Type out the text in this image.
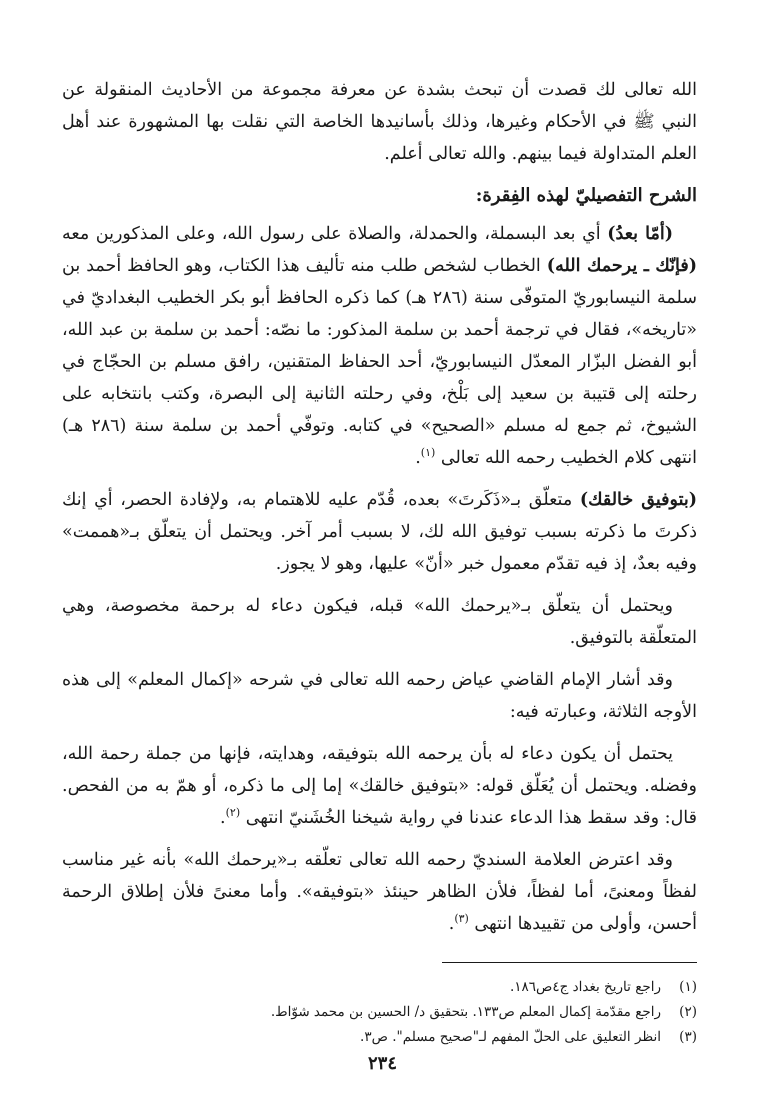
الله تعالى لك قصدت أن تبحث بشدة عن معرفة مجموعة من الأحاديث المنقولة عن النبي ﷺ في الأحكام وغيرها، وذلك بأسانيدها الخاصة التي نقلت بها المشهورة عند أهل العلم المتداولة فيما بينهم. والله تعالى أعلم.

الشرح التفصيليّ لهذه الفِقرة:

(أمّا بعدُ) أي بعد البسملة، والحمدلة، والصلاة على رسول الله، وعلى المذكورين معه (فإنّك ـ يرحمك الله) الخطاب لشخص طلب منه تأليف هذا الكتاب، وهو الحافظ أحمد بن سلمة النيسابوريّ المتوفّى سنة (٢٨٦ هـ) كما ذكره الحافظ أبو بكر الخطيب البغداديّ في «تاريخه»، فقال في ترجمة أحمد بن سلمة المذكور: ما نصّه: أحمد بن سلمة بن عبد الله، أبو الفضل البزّار المعدّل النيسابوريّ، أحد الحفاظ المتقنين، رافق مسلم بن الحجّاج في رحلته إلى قتيبة بن سعيد إلى بَلْخ، وفي رحلته الثانية إلى البصرة، وكتب بانتخابه على الشيوخ، ثم جمع له مسلم «الصحيح» في كتابه. وتوفّي أحمد بن سلمة سنة (٢٨٦ هـ) انتهى كلام الخطيب رحمه الله تعالى $^{(١)}$.

(بتوفيق خالقك) متعلّق بـ«ذَكَرتَ» بعده، قُدّم عليه للاهتمام به، ولإفادة الحصر، أي إنك ذكرتَ ما ذكرته بسبب توفيق الله لك، لا بسبب أمر آخر. ويحتمل أن يتعلّق بـ«هممت» وفيه بعدٌ، إذ فيه تقدّم معمول خبر «أنّ» عليها، وهو لا يجوز.

ويحتمل أن يتعلّق بـ«يرحمك الله» قبله، فيكون دعاء له برحمة مخصوصة، وهي المتعلّقة بالتوفيق.

وقد أشار الإمام القاضي عياض رحمه الله تعالى في شرحه «إكمال المعلم» إلى هذه الأوجه الثلاثة، وعبارته فيه:

يحتمل أن يكون دعاء له بأن يرحمه الله بتوفيقه، وهدايته، فإنها من جملة رحمة الله، وفضله. ويحتمل أن يُعَلّق قوله: «بتوفيق خالقك» إما إلى ما ذكره، أو همّ به من الفحص. قال: وقد سقط هذا الدعاء عندنا في رواية شيخنا الخُشَنيّ انتهى $^{(٢)}$.

وقد اعترض العلامة السنديّ رحمه الله تعالى تعلّقه بـ«يرحمك الله» بأنه غير مناسب لفظاً ومعنىً، أما لفظاً، فلأن الظاهر حينئذ «بتوفيقه». وأما معنىً فلأن إطلاق الرحمة أحسن، وأولى من تقييدها انتهى $^{(٣)}$.

(١)
راجع تاريخ بغداد ج٤ص١٨٦.
(٢)
راجع مقدّمة إكمال المعلم ص١٣٣. بتحقيق د/ الحسين بن محمد شوّاط.
(٣)
انظر التعليق على الحلّ المفهم لـ"صحيح مسلم". ص٣.
٢٣٤
